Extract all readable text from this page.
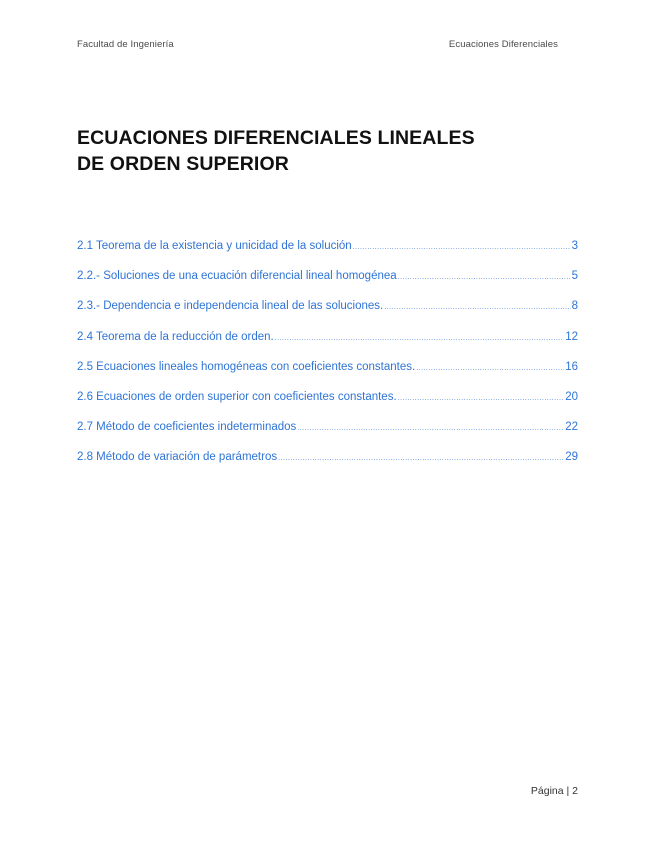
Facultad de Ingeniería	Ecuaciones Diferenciales
ECUACIONES DIFERENCIALES LINEALES
DE ORDEN SUPERIOR
2.1 Teorema de la existencia y unicidad de la solución .....	3
2.2.- Soluciones de una ecuación diferencial lineal homogénea .....	5
2.3.- Dependencia e independencia lineal de las soluciones. .....	8
2.4 Teorema de la reducción de orden. .....	12
2.5 Ecuaciones lineales homogéneas con coeficientes constantes. .....	16
2.6 Ecuaciones de orden superior con coeficientes constantes. .....	20
2.7 Método de coeficientes indeterminados .....	22
2.8 Método de variación de parámetros .....	29
Página | 2
